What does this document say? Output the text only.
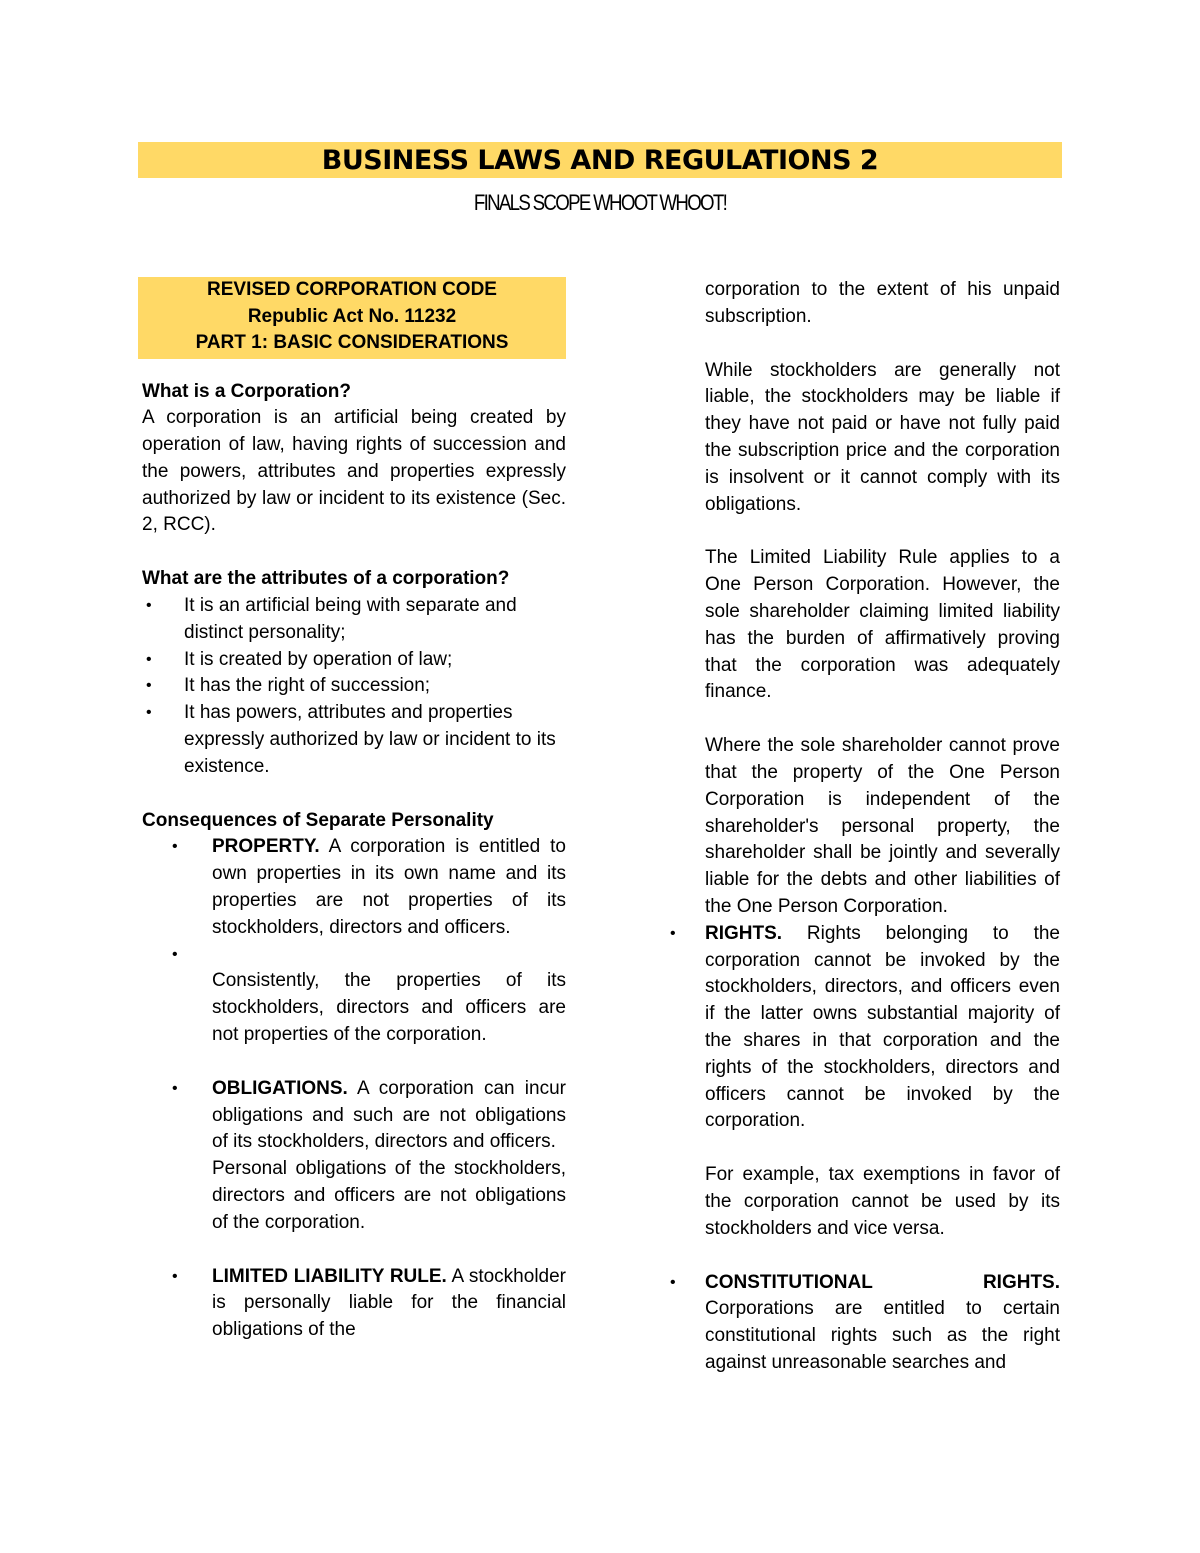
BUSINESS LAWS AND REGULATIONS 2
FINALS SCOPE WHOOT WHOOT!
REVISED CORPORATION CODE
Republic Act No. 11232
PART 1: BASIC CONSIDERATIONS
What is a Corporation?

A corporation is an artificial being created by operation of law, having rights of succession and the powers, attributes and properties expressly authorized by law or incident to its existence (Sec. 2, RCC).

What are the attributes of a corporation?
• It is an artificial being with separate and distinct personality;
• It is created by operation of law;
• It has the right of succession;
• It has powers, attributes and properties expressly authorized by law or incident to its existence.
Consequences of Separate Personality
• PROPERTY. A corporation is entitled to own properties in its own name and its properties are not properties of its stockholders, directors and officers.
•

Consistently, the properties of its stockholders, directors and officers are not properties of the corporation.

• OBLIGATIONS. A corporation can incur obligations and such are not obligations of its stockholders, directors and officers.

Personal obligations of the stockholders, directors and officers are not obligations of the corporation.

• LIMITED LIABILITY RULE. A stockholder is personally liable for the financial obligations of the

corporation to the extent of his unpaid subscription.

While stockholders are generally not liable, the stockholders may be liable if they have not paid or have not fully paid the subscription price and the corporation is insolvent or it cannot comply with its obligations.

The Limited Liability Rule applies to a One Person Corporation. However, the sole shareholder claiming limited liability has the burden of affirmatively proving that the corporation was adequately finance.

Where the sole shareholder cannot prove that the property of the One Person Corporation is independent of the shareholder's personal property, the shareholder shall be jointly and severally liable for the debts and other liabilities of the One Person Corporation.

• RIGHTS. Rights belonging to the corporation cannot be invoked by the stockholders, directors, and officers even if the latter owns substantial majority of the shares in that corporation and the rights of the stockholders, directors and officers cannot be invoked by the corporation.

For example, tax exemptions in favor of the corporation cannot be used by its stockholders and vice versa.

• CONSTITUTIONAL RIGHTS. Corporations are entitled to certain constitutional rights such as the right against unreasonable searches and
